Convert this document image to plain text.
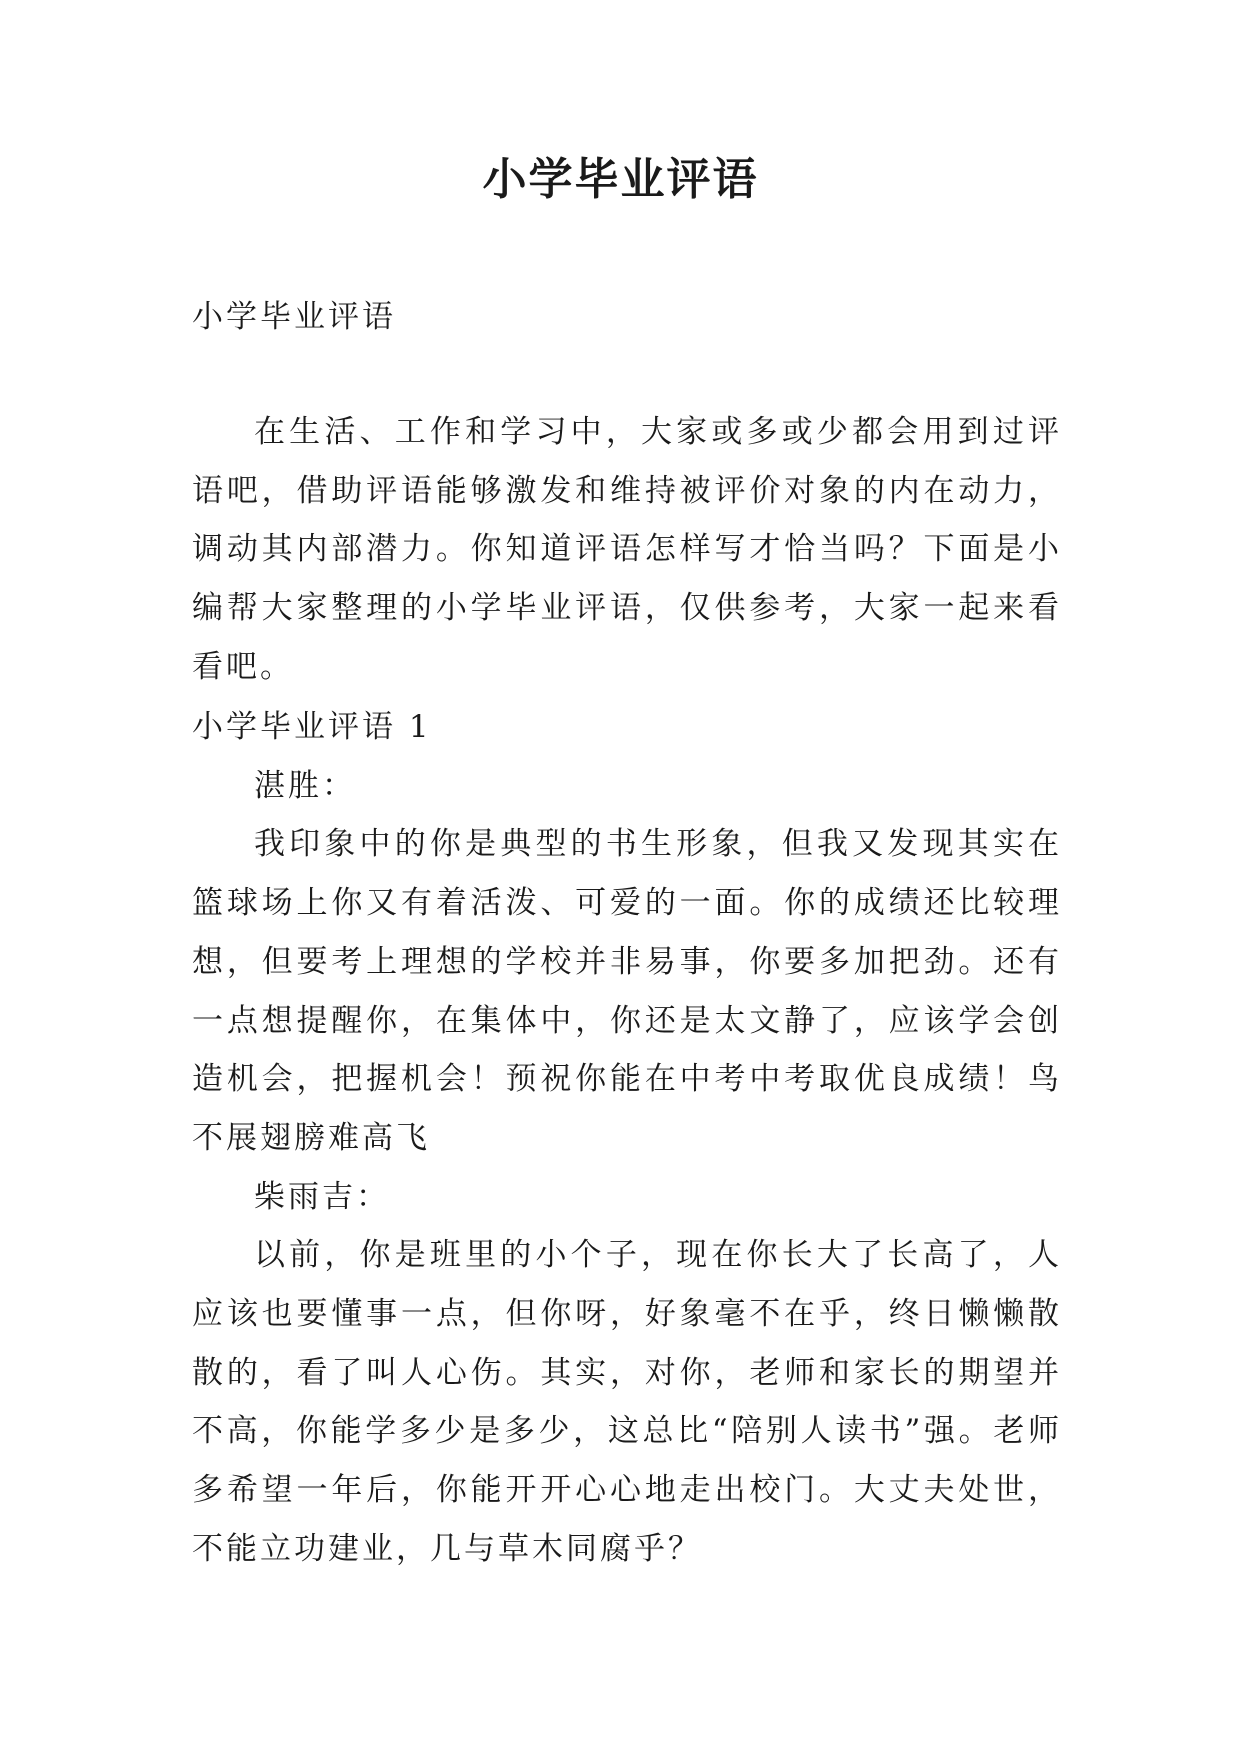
小学毕业评语

小学毕业评语

在生活、工作和学习中，大家或多或少都会用到过评语吧，借助评语能够激发和维持被评价对象的内在动力，调动其内部潜力。你知道评语怎样写才恰当吗？下面是小编帮大家整理的小学毕业评语，仅供参考，大家一起来看看吧。

小学毕业评语 1

湛胜：

我印象中的你是典型的书生形象，但我又发现其实在篮球场上你又有着活泼、可爱的一面。你的成绩还比较理想，但要考上理想的学校并非易事，你要多加把劲。还有一点想提醒你，在集体中，你还是太文静了，应该学会创造机会，把握机会！预祝你能在中考中考取优良成绩！鸟不展翅膀难高飞

柴雨吉：

以前，你是班里的小个子，现在你长大了长高了，人应该也要懂事一点，但你呀，好象毫不在乎，终日懒懒散散的，看了叫人心伤。其实，对你，老师和家长的期望并不高，你能学多少是多少，这总比“陪别人读书”强。老师多希望一年后，你能开开心心地走出校门。大丈夫处世，不能立功建业，几与草木同腐乎？
